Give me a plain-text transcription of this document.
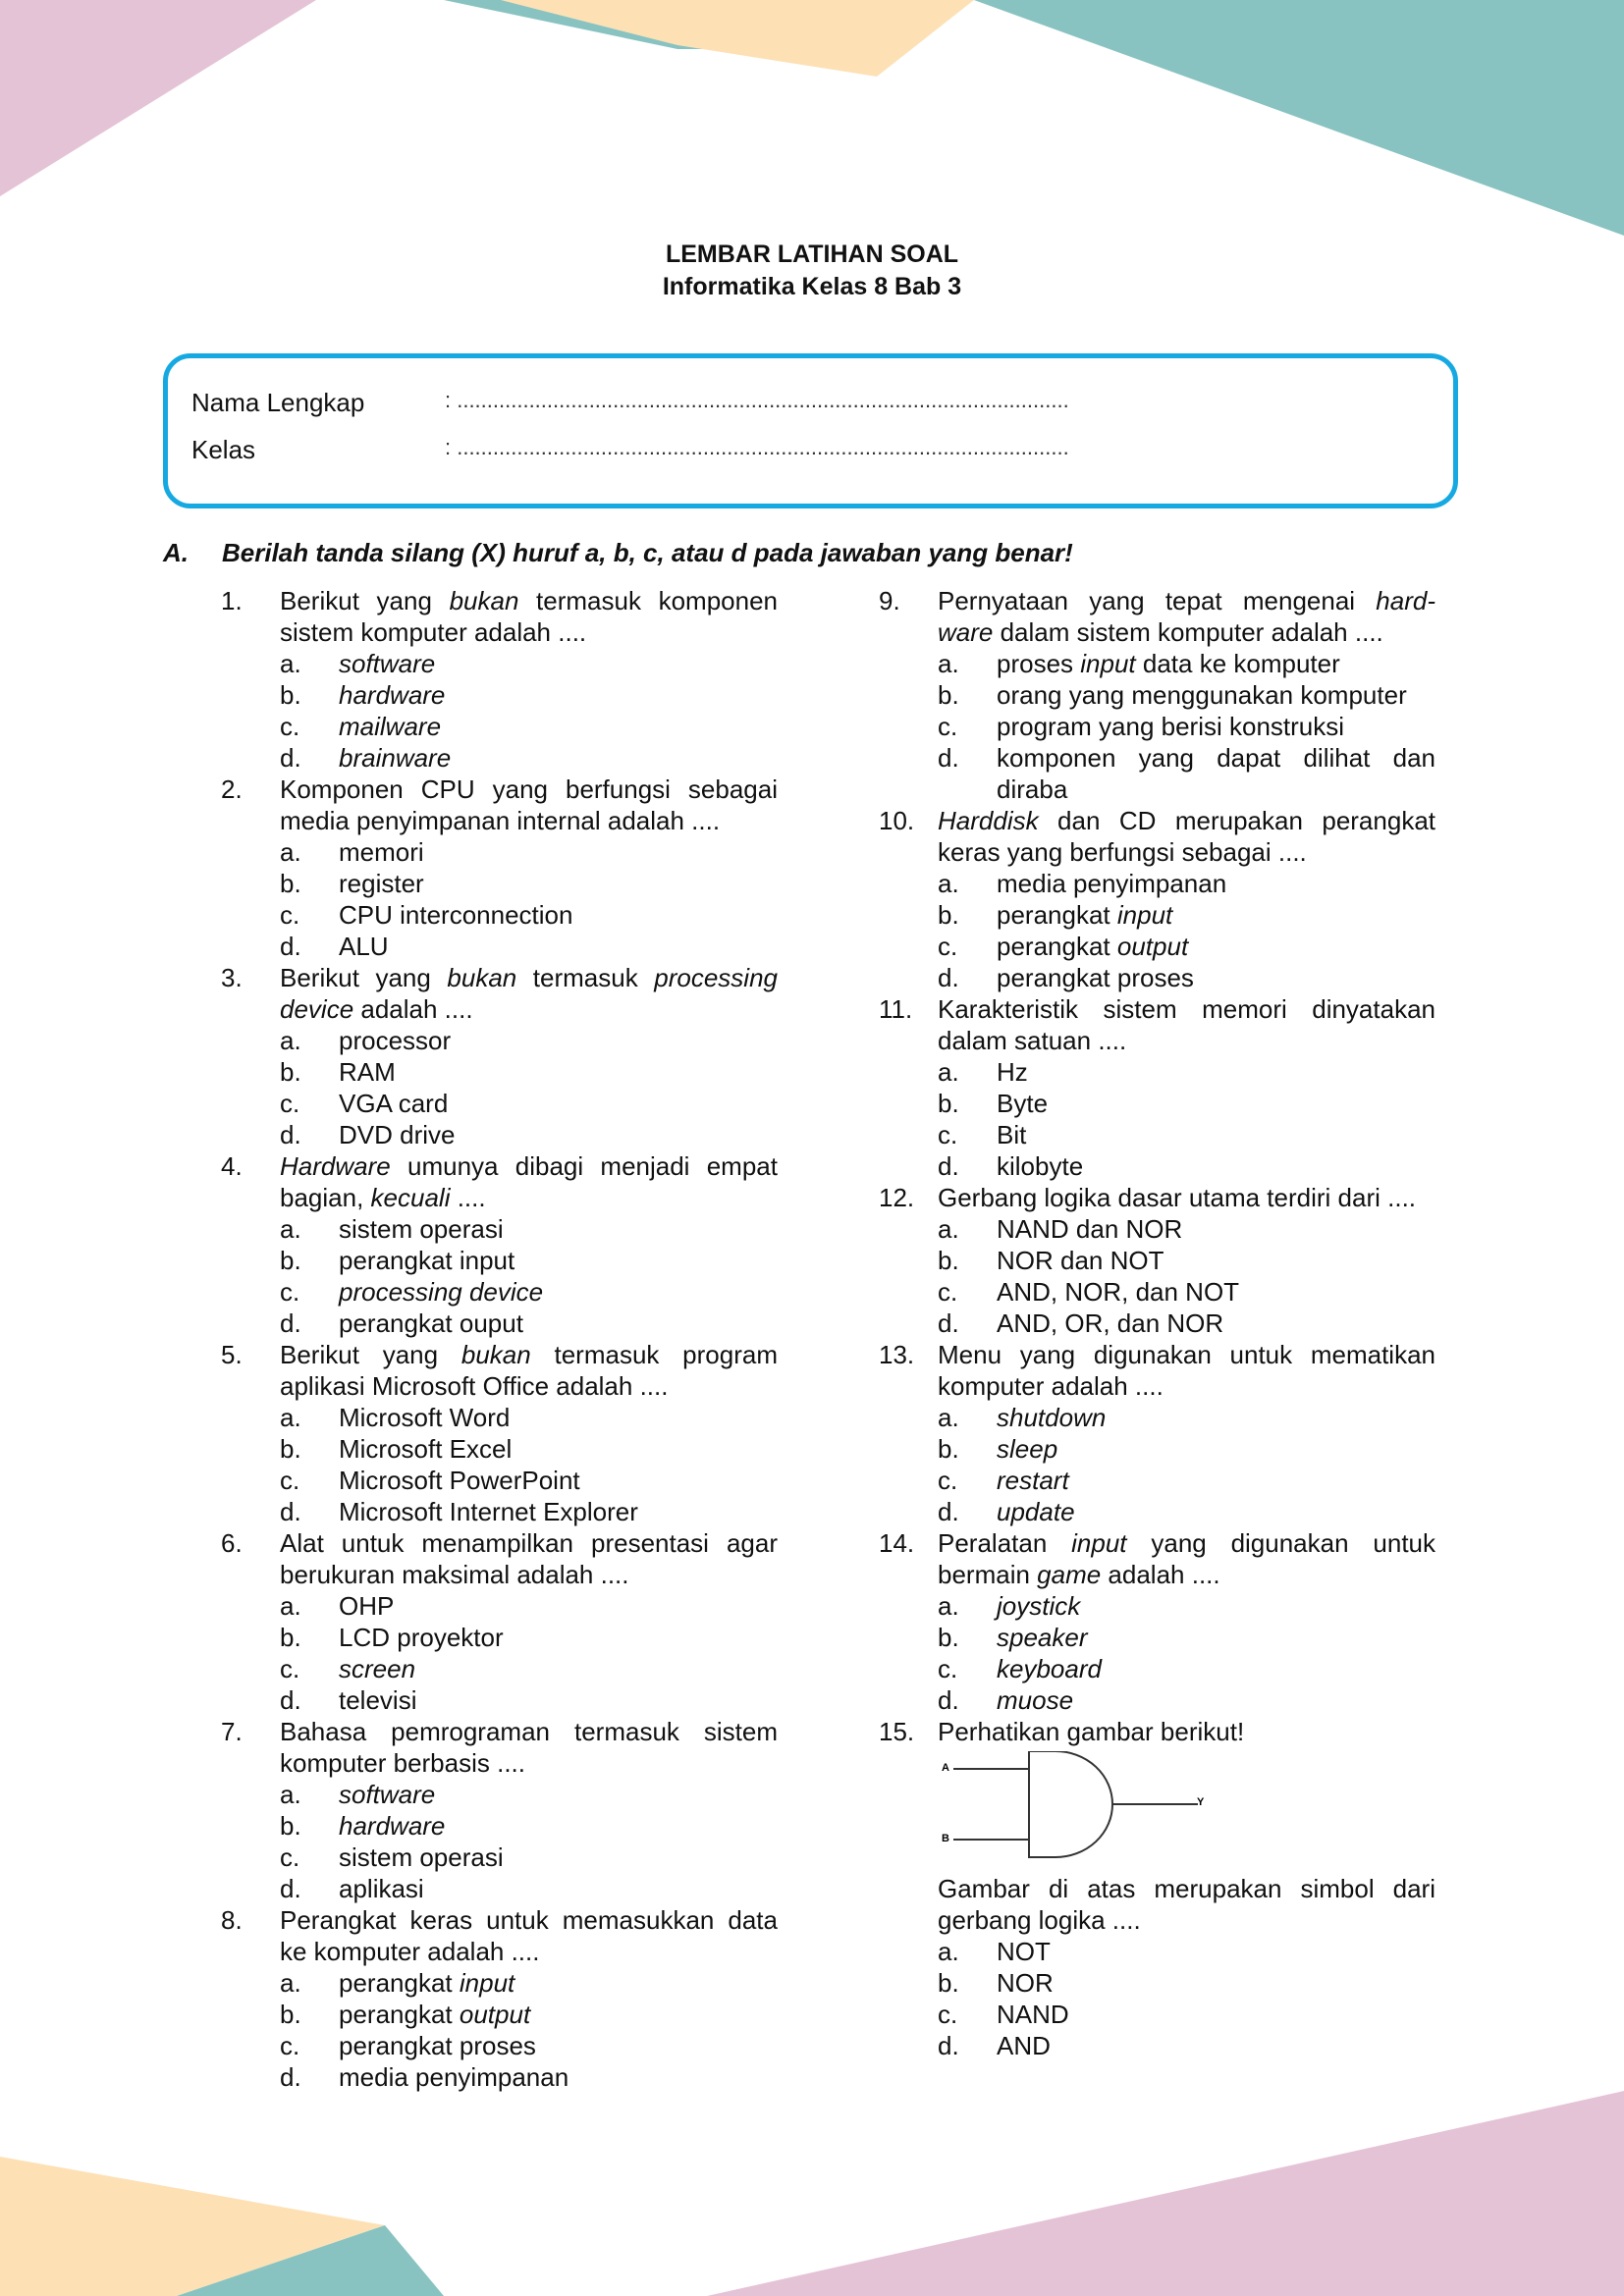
LEMBAR LATIHAN SOAL
Informatika Kelas 8 Bab 3
Nama Lengkap	: ......................................................................................................
Kelas	: ......................................................................................................
A.	Berilah tanda silang (X) huruf a, b, c, atau d pada jawaban yang benar!
1.	Berikut yang bukan termasuk komponen sistem komputer adalah ....
a.	software
b.	hardware
c.	mailware
d.	brainware
2.	Komponen CPU yang berfungsi sebagai media penyimpanan internal adalah ....
a.	memori
b.	register
c.	CPU interconnection
d.	ALU
3.	Berikut yang bukan termasuk processing device adalah ....
a.	processor
b.	RAM
c.	VGA card
d.	DVD drive
4.	Hardware umunya dibagi menjadi empat bagian, kecuali ....
a.	sistem operasi
b.	perangkat input
c.	processing device
d.	perangkat ouput
5.	Berikut yang bukan termasuk program aplikasi Microsoft Office adalah ....
a.	Microsoft Word
b.	Microsoft Excel
c.	Microsoft PowerPoint
d.	Microsoft Internet Explorer
6.	Alat untuk menampilkan presentasi agar berukuran maksimal adalah ....
a.	OHP
b.	LCD proyektor
c.	screen
d.	televisi
7.	Bahasa pemrograman termasuk sistem komputer berbasis ....
a.	software
b.	hardware
c.	sistem operasi
d.	aplikasi
8.	Perangkat keras untuk memasukkan data ke komputer adalah ....
a.	perangkat input
b.	perangkat output
c.	perangkat proses
d.	media penyimpanan
9.	Pernyataan yang tepat mengenai hard-ware dalam sistem komputer adalah ....
a.	proses input data ke komputer
b.	orang yang menggunakan komputer
c.	program yang berisi konstruksi
d.	komponen yang dapat dilihat dan diraba
10. Harddisk dan CD merupakan perangkat keras yang berfungsi sebagai ....
a.	media penyimpanan
b.	perangkat input
c.	perangkat output
d.	perangkat proses
11. Karakteristik sistem memori dinyatakan dalam satuan ....
a.	Hz
b.	Byte
c.	Bit
d.	kilobyte
12. Gerbang logika dasar utama terdiri dari ....
a.	NAND dan NOR
b.	NOR dan NOT
c.	AND, NOR, dan NOT
d.	AND, OR, dan NOR
13. Menu yang digunakan untuk mematikan komputer adalah ....
a.	shutdown
b.	sleep
c.	restart
d.	update
14. Peralatan input yang digunakan untuk bermain game adalah ....
a.	joystick
b.	speaker
c.	keyboard
d.	muose
15. Perhatikan gambar berikut!
A
B
Y
Gambar di atas merupakan simbol dari gerbang logika ....
a.	NOT
b.	NOR
c.	NAND
d.	AND
